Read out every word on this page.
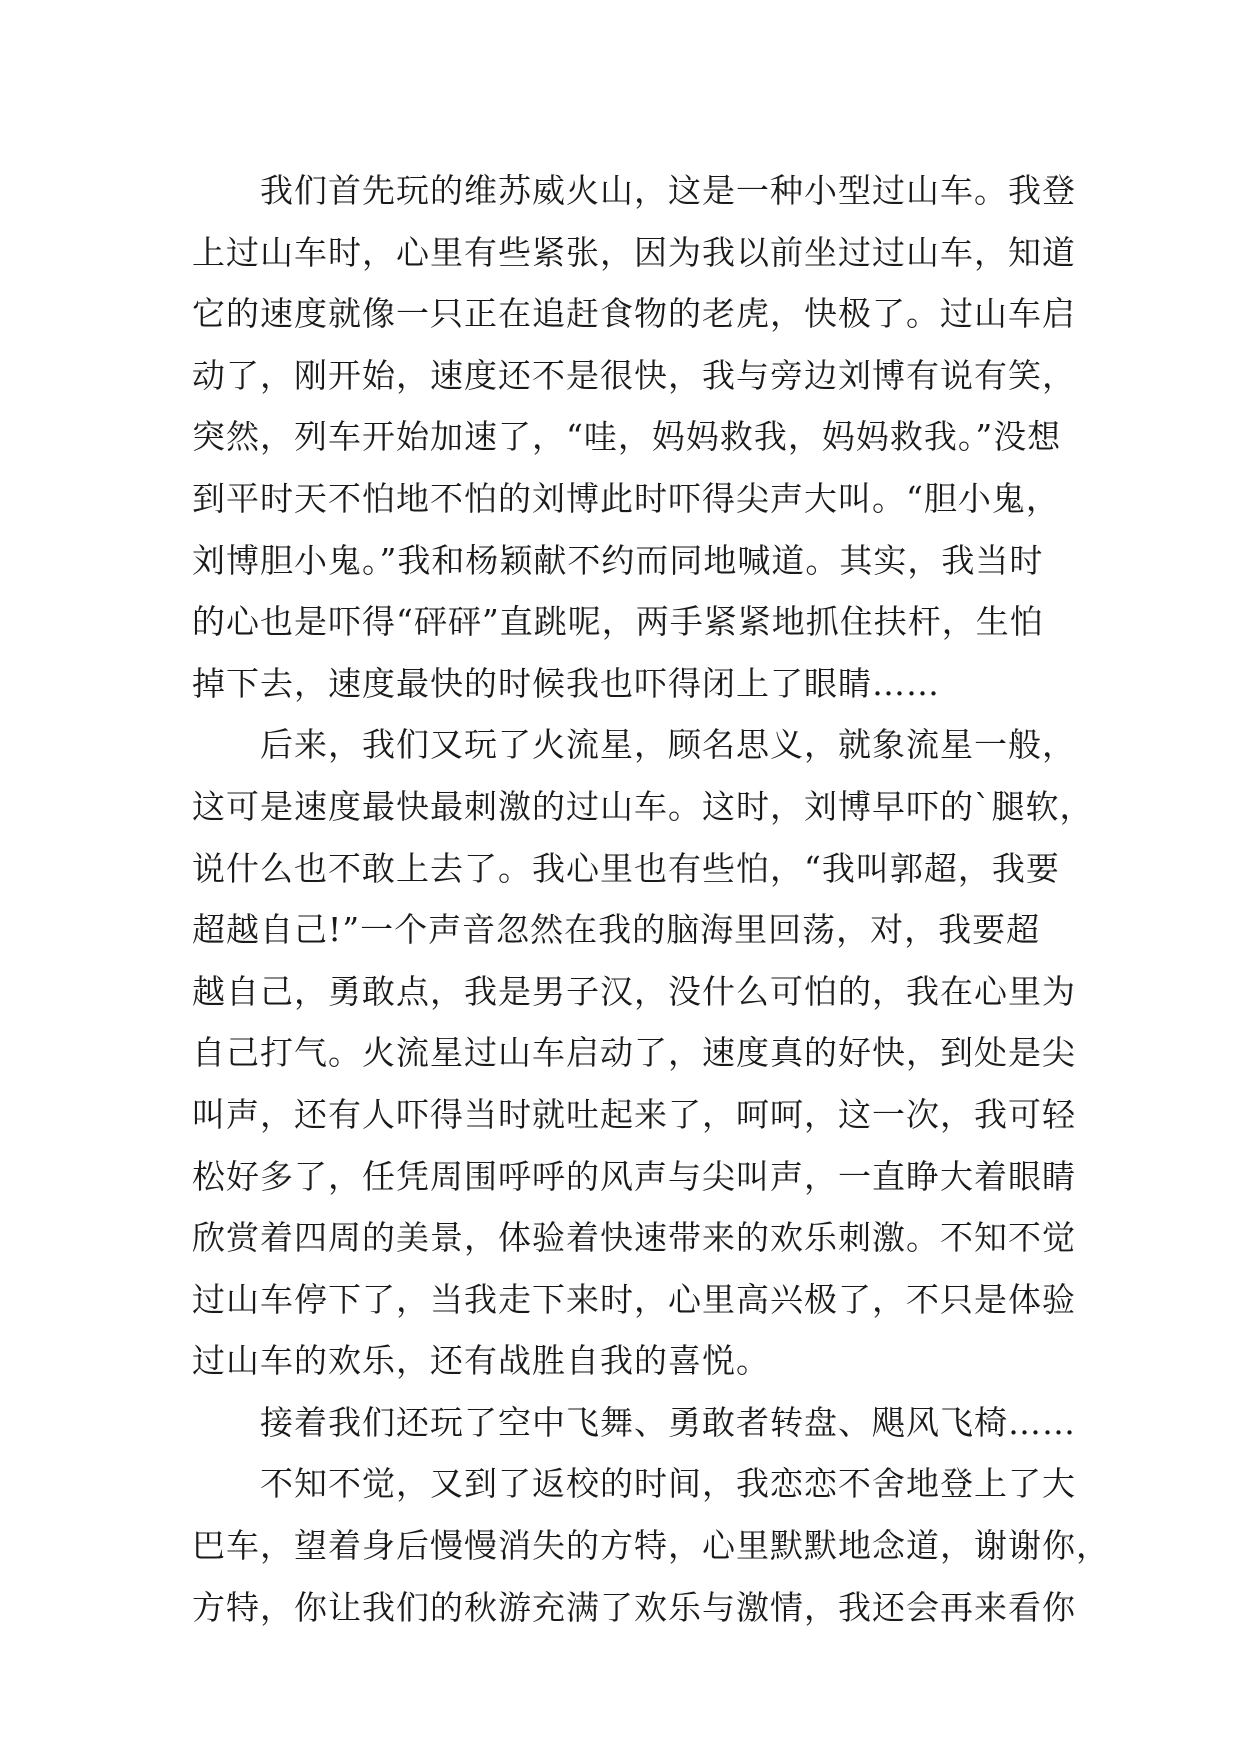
　　我们首先玩的维苏威火山，这是一种小型过山车。我登
上过山车时，心里有些紧张，因为我以前坐过过山车，知道
它的速度就像一只正在追赶食物的老虎，快极了。过山车启
动了，刚开始，速度还不是很快，我与旁边刘博有说有笑，
突然，列车开始加速了，“哇，妈妈救我，妈妈救我。”没想
到平时天不怕地不怕的刘博此时吓得尖声大叫。“胆小鬼，
刘博胆小鬼。”我和杨颖献不约而同地喊道。其实，我当时
的心也是吓得“砰砰”直跳呢，两手紧紧地抓住扶杆，生怕
掉下去，速度最快的时候我也吓得闭上了眼睛……
　　后来，我们又玩了火流星，顾名思义，就象流星一般，
这可是速度最快最刺激的过山车。这时，刘博早吓的`腿软，
说什么也不敢上去了。我心里也有些怕，“我叫郭超，我要
超越自己!”一个声音忽然在我的脑海里回荡，对，我要超
越自己，勇敢点，我是男子汉，没什么可怕的，我在心里为
自己打气。火流星过山车启动了，速度真的好快，到处是尖
叫声，还有人吓得当时就吐起来了，呵呵，这一次，我可轻
松好多了，任凭周围呼呼的风声与尖叫声，一直睁大着眼睛
欣赏着四周的美景，体验着快速带来的欢乐刺激。不知不觉
过山车停下了，当我走下来时，心里高兴极了，不只是体验
过山车的欢乐，还有战胜自我的喜悦。
　　接着我们还玩了空中飞舞、勇敢者转盘、飓风飞椅……
　　不知不觉，又到了返校的时间，我恋恋不舍地登上了大
巴车，望着身后慢慢消失的方特，心里默默地念道，谢谢你，
方特，你让我们的秋游充满了欢乐与激情，我还会再来看你
